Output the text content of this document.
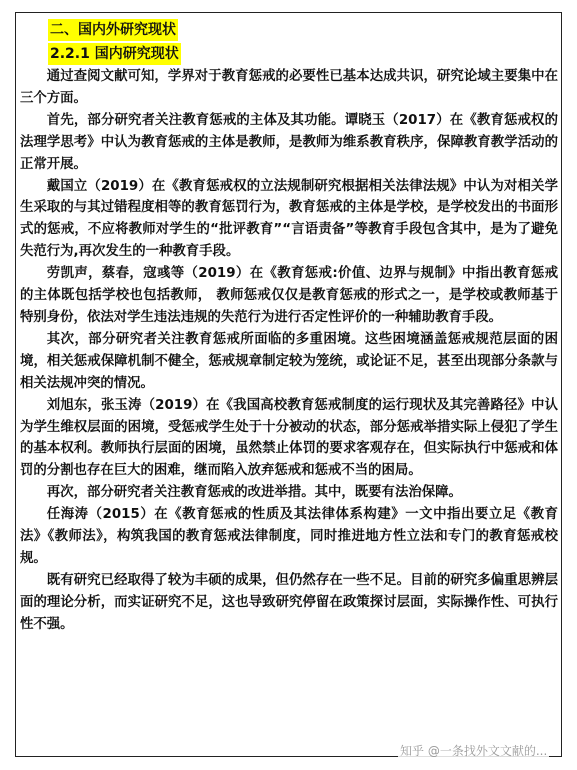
二、国内外研究现状
2.2.1 国内研究现状

通过查阅文献可知，学界对于教育惩戒的必要性已基本达成共识，研究论域主要集中在三个方面。

首先，部分研究者关注教育惩戒的主体及其功能。谭晓玉（2017）在《教育惩戒权的法理学思考》中认为教育惩戒的主体是教师，是教师为维系教育秩序，保障教育教学活动的正常开展。

戴国立（2019）在《教育惩戒权的立法规制研究根据相关法律法规》中认为对相关学生采取的与其过错程度相等的教育惩罚行为，教育惩戒的主体是学校，是学校发出的书面形式的惩戒，不应将教师对学生的“批评教育”“言语责备”等教育手段包含其中，是为了避免失范行为,再次发生的一种教育手段。

劳凯声，蔡春，寇彧等（2019）在《教育惩戒:价值、边界与规制》中指出教育惩戒的主体既包括学校也包括教师， 教师惩戒仅仅是教育惩戒的形式之一，是学校或教师基于特别身份，依法对学生违法违规的失范行为进行否定性评价的一种辅助教育手段。

其次，部分研究者关注教育惩戒所面临的多重困境。这些困境涵盖惩戒规范层面的困境，相关惩戒保障机制不健全，惩戒规章制定较为笼统，或论证不足，甚至出现部分条款与相关法规冲突的情况。

刘旭东，张玉涛（2019）在《我国高校教育惩戒制度的运行现状及其完善路径》中认为学生维权层面的困境，受惩戒学生处于十分被动的状态，部分惩戒举措实际上侵犯了学生的基本权利。教师执行层面的困境，虽然禁止体罚的要求客观存在，但实际执行中惩戒和体罚的分割也存在巨大的困难，继而陷入放弃惩戒和惩戒不当的困局。

再次，部分研究者关注教育惩戒的改进举措。其中，既要有法治保障。

任海涛（2015）在《教育惩戒的性质及其法律体系构建》一文中指出要立足《教育法》《教师法》，构筑我国的教育惩戒法律制度，同时推进地方性立法和专门的教育惩戒校规。

既有研究已经取得了较为丰硕的成果，但仍然存在一些不足。目前的研究多偏重思辨层面的理论分析，而实证研究不足，这也导致研究停留在政策探讨层面，实际操作性、可执行性不强。

知乎 @一条找外文文献的...
